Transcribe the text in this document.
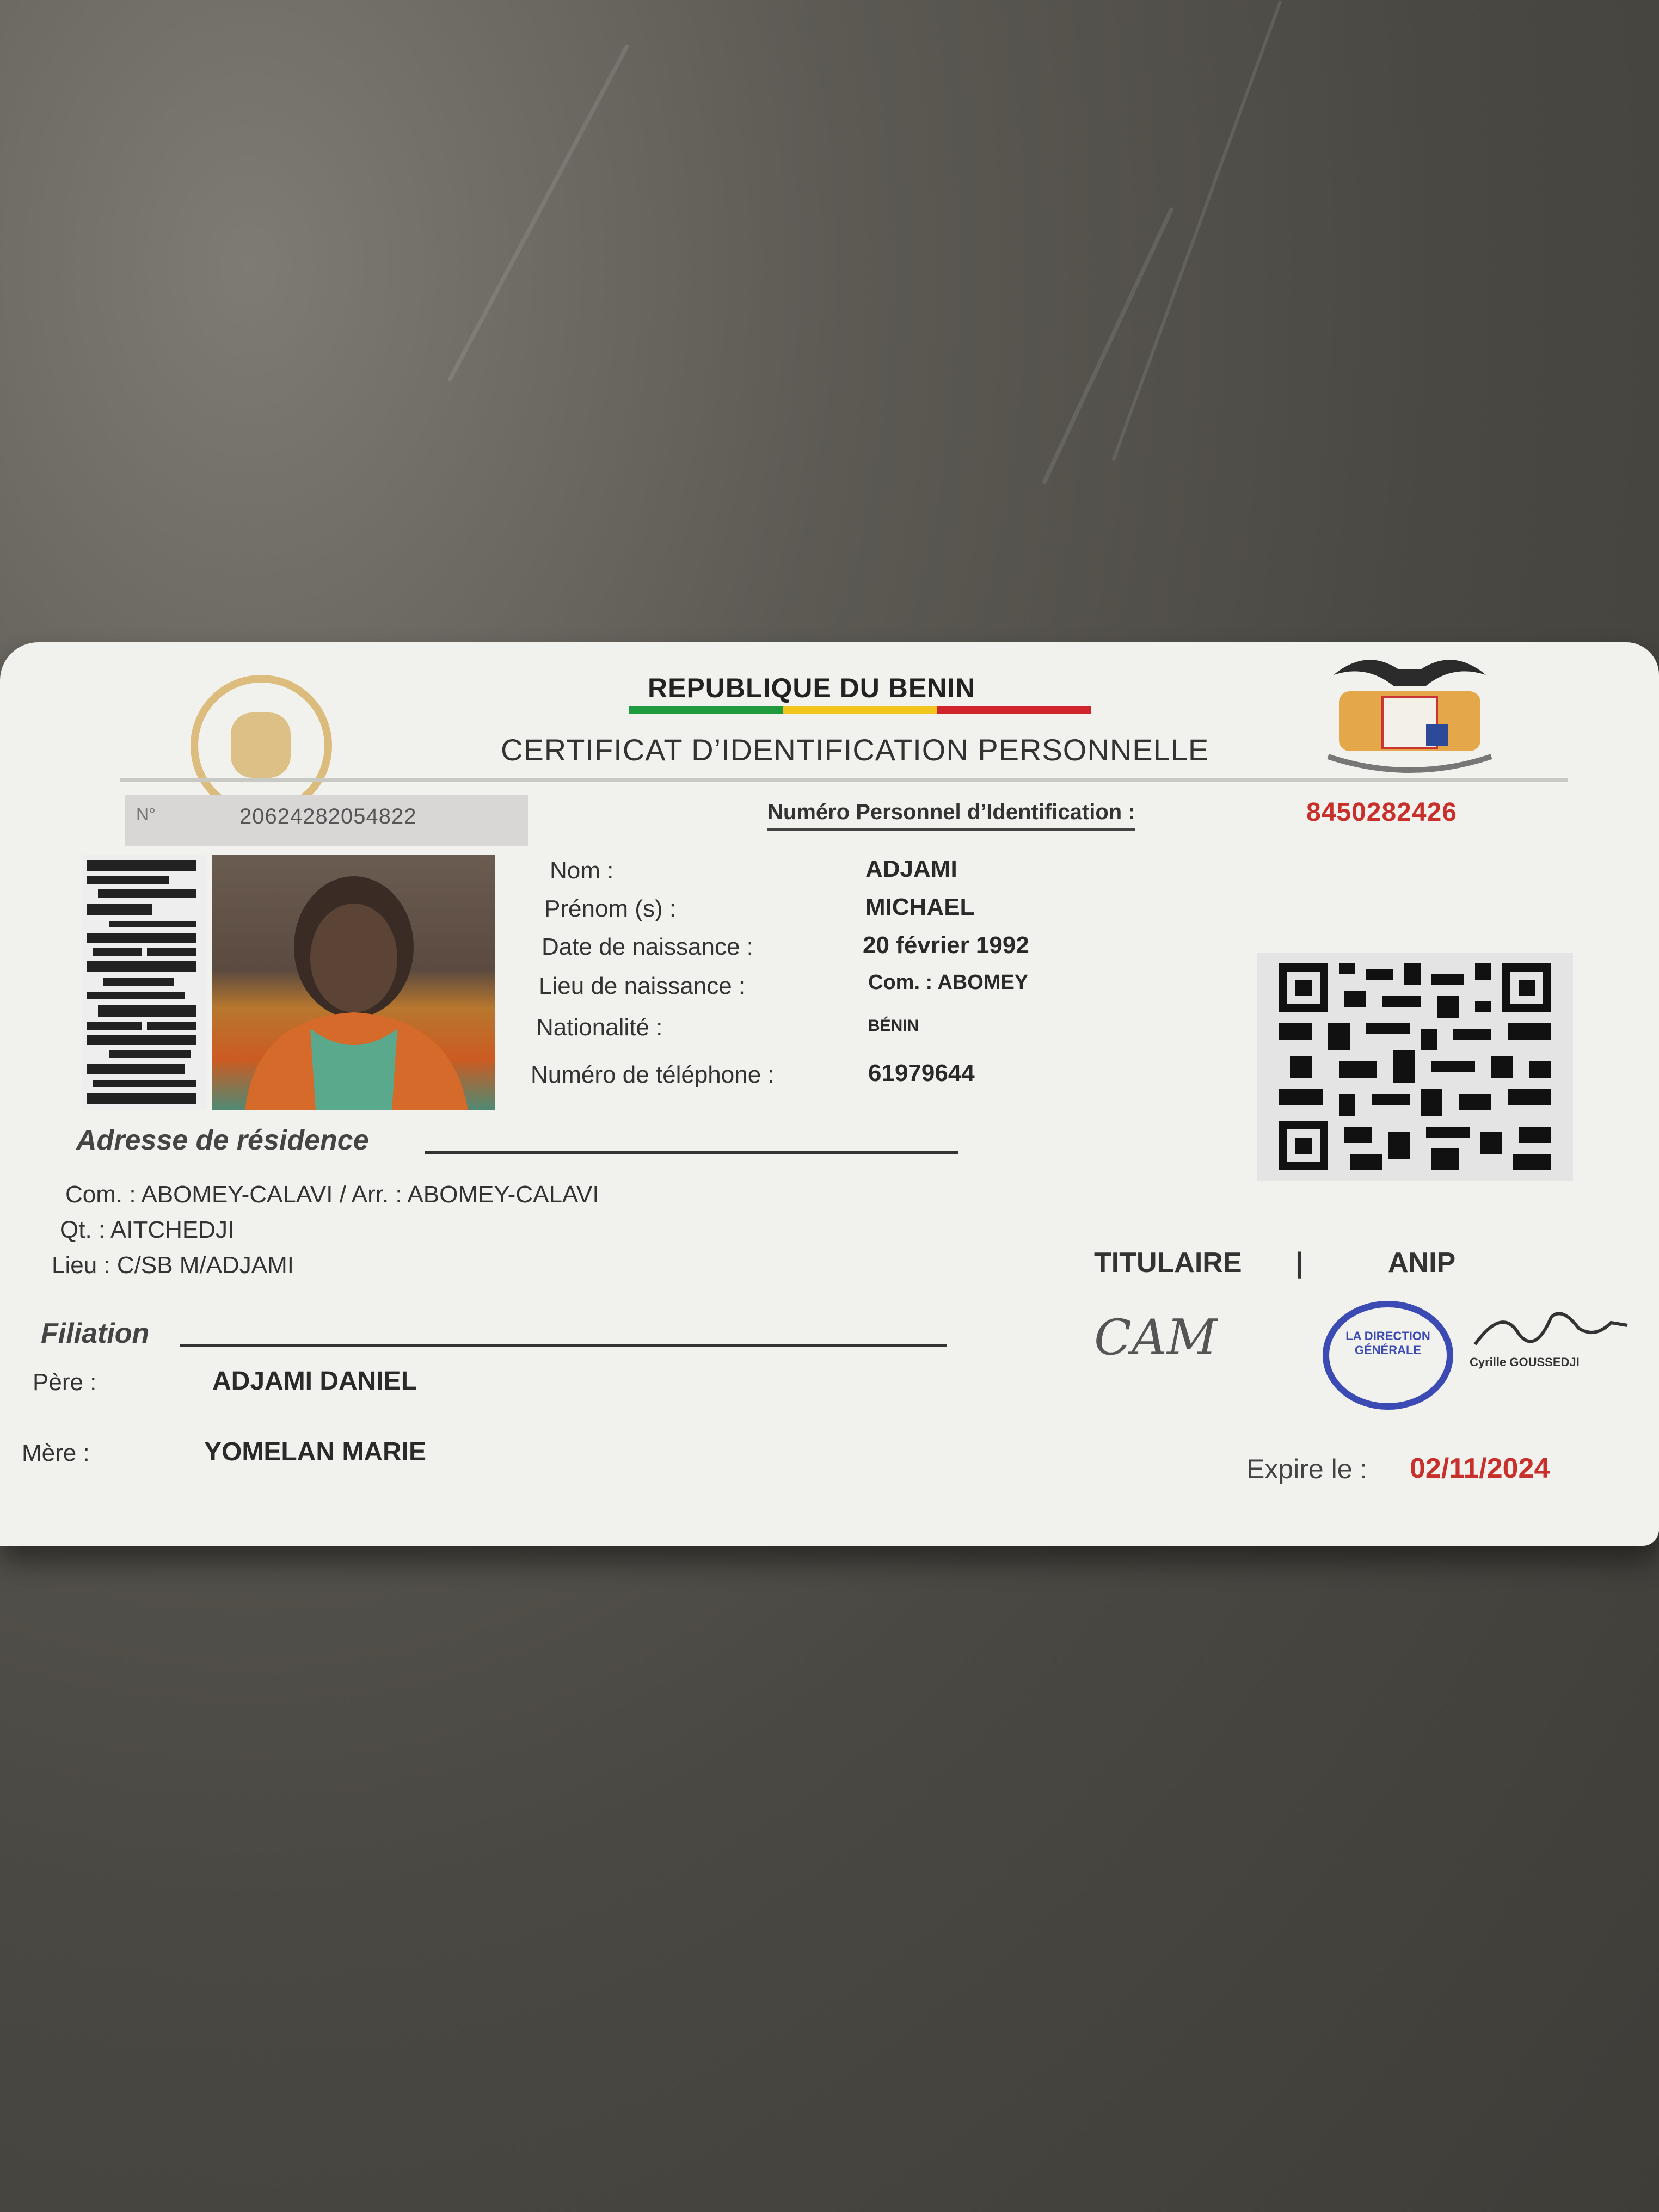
REPUBLIQUE DU BENIN
CERTIFICAT D’IDENTIFICATION PERSONNELLE
N°	20624282054822	Numéro Personnel d’Identification :	8450282426
Nom :	ADJAMI
Prénom (s) :	MICHAEL
Date de naissance :	20 février 1992
Lieu de naissance :	Com. : ABOMEY
Nationalité :	BÉNIN
Numéro de téléphone :	61979644
Adresse de résidence
Com. : ABOMEY-CALAVI / Arr. : ABOMEY-CALAVI
Qt. : AITCHEDJI
Lieu : C/SB M/ADJAMI
Filiation
Père :	ADJAMI DANIEL
Mère :	YOMELAN MARIE
TITULAIRE |	ANIP
CAM	LA DIRECTION GÉNÉRALE
Cyrille GOUSSEDJI
Expire le : 02/11/2024
